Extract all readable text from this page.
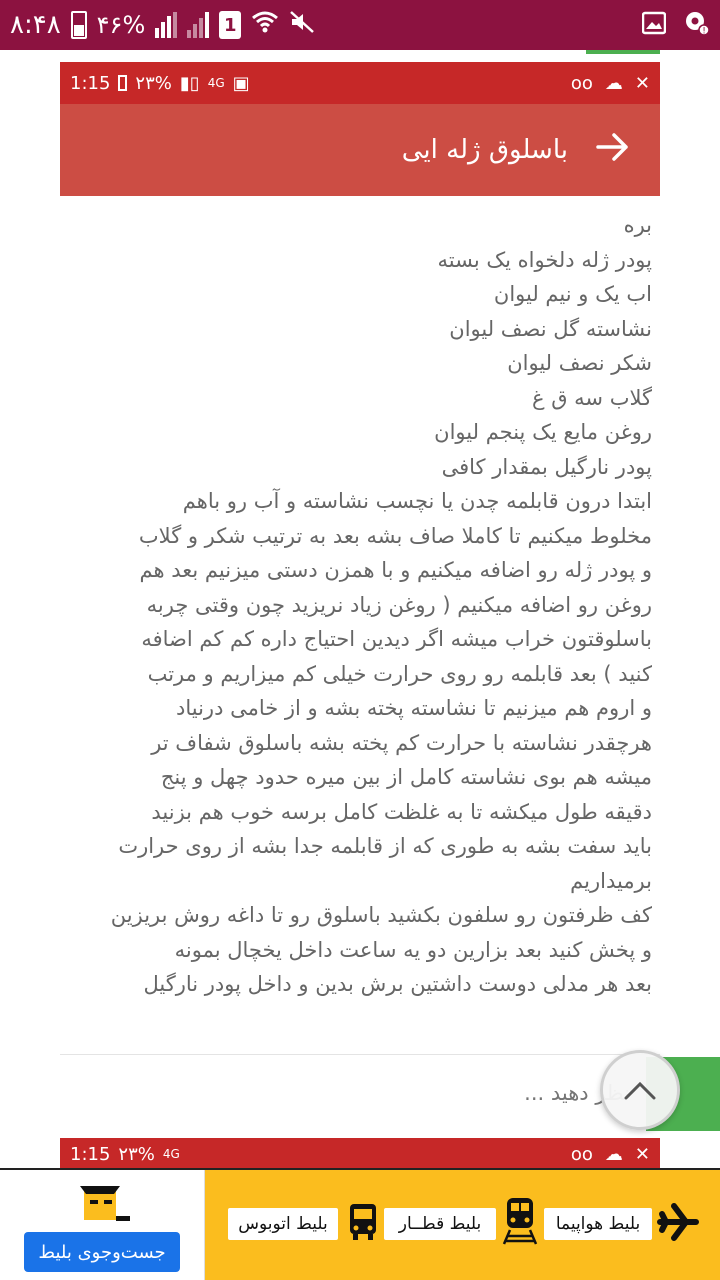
۸:۴۸ ۴۶%	1	!
1:15 ۲۳% ▮▯ 4G ▣	oo ☁ ✕
باسلوق ژله ایی

بره

پودر ژله دلخواه یک بسته

اب یک و نیم لیوان

نشاسته گل نصف لیوان

شکر نصف لیوان

گلاب سه ق غ

روغن مایع یک پنجم لیوان

پودر نارگیل بمقدار کافی

ابتدا درون قابلمه چدن یا نچسب نشاسته و آب رو باهم

مخلوط میکنیم تا کاملا صاف بشه بعد به ترتیب شکر و گلاب

و پودر ژله رو اضافه میکنیم و با همزن دستی میزنیم بعد هم

روغن رو اضافه میکنیم ( روغن زیاد نریزید چون وقتی چربه

باسلوقتون خراب میشه اگر دیدین احتیاج داره کم کم اضافه

کنید ) بعد قابلمه رو روی حرارت خیلی کم میزاریم و مرتب

و اروم هم میزنیم تا نشاسته پخته بشه و از خامی درنیاد

هرچقدر نشاسته با حرارت کم پخته بشه باسلوق شفاف تر

میشه هم بوی نشاسته کامل از بین میره حدود چهل و پنج

دقیقه طول میکشه تا به غلظت کامل برسه خوب هم بزنید

باید سفت بشه به طوری که از قابلمه جدا بشه از روی حرارت

برمیداریم

کف ظرفتون رو سلفون بکشید باسلوق رو تا داغه روش بریزین

و پخش کنید بعد بزارین دو یه ساعت داخل یخچال بمونه

بعد هر مدلی دوست داشتین برش بدین و داخل پودر نارگیل

نظر دهید ...
1:15 ۲۳% 4G	oo ☁ ✕
جست‌وجوی بلیط
بلیط اتوبوس	بلیط قطــار	بلیط هواپیما
